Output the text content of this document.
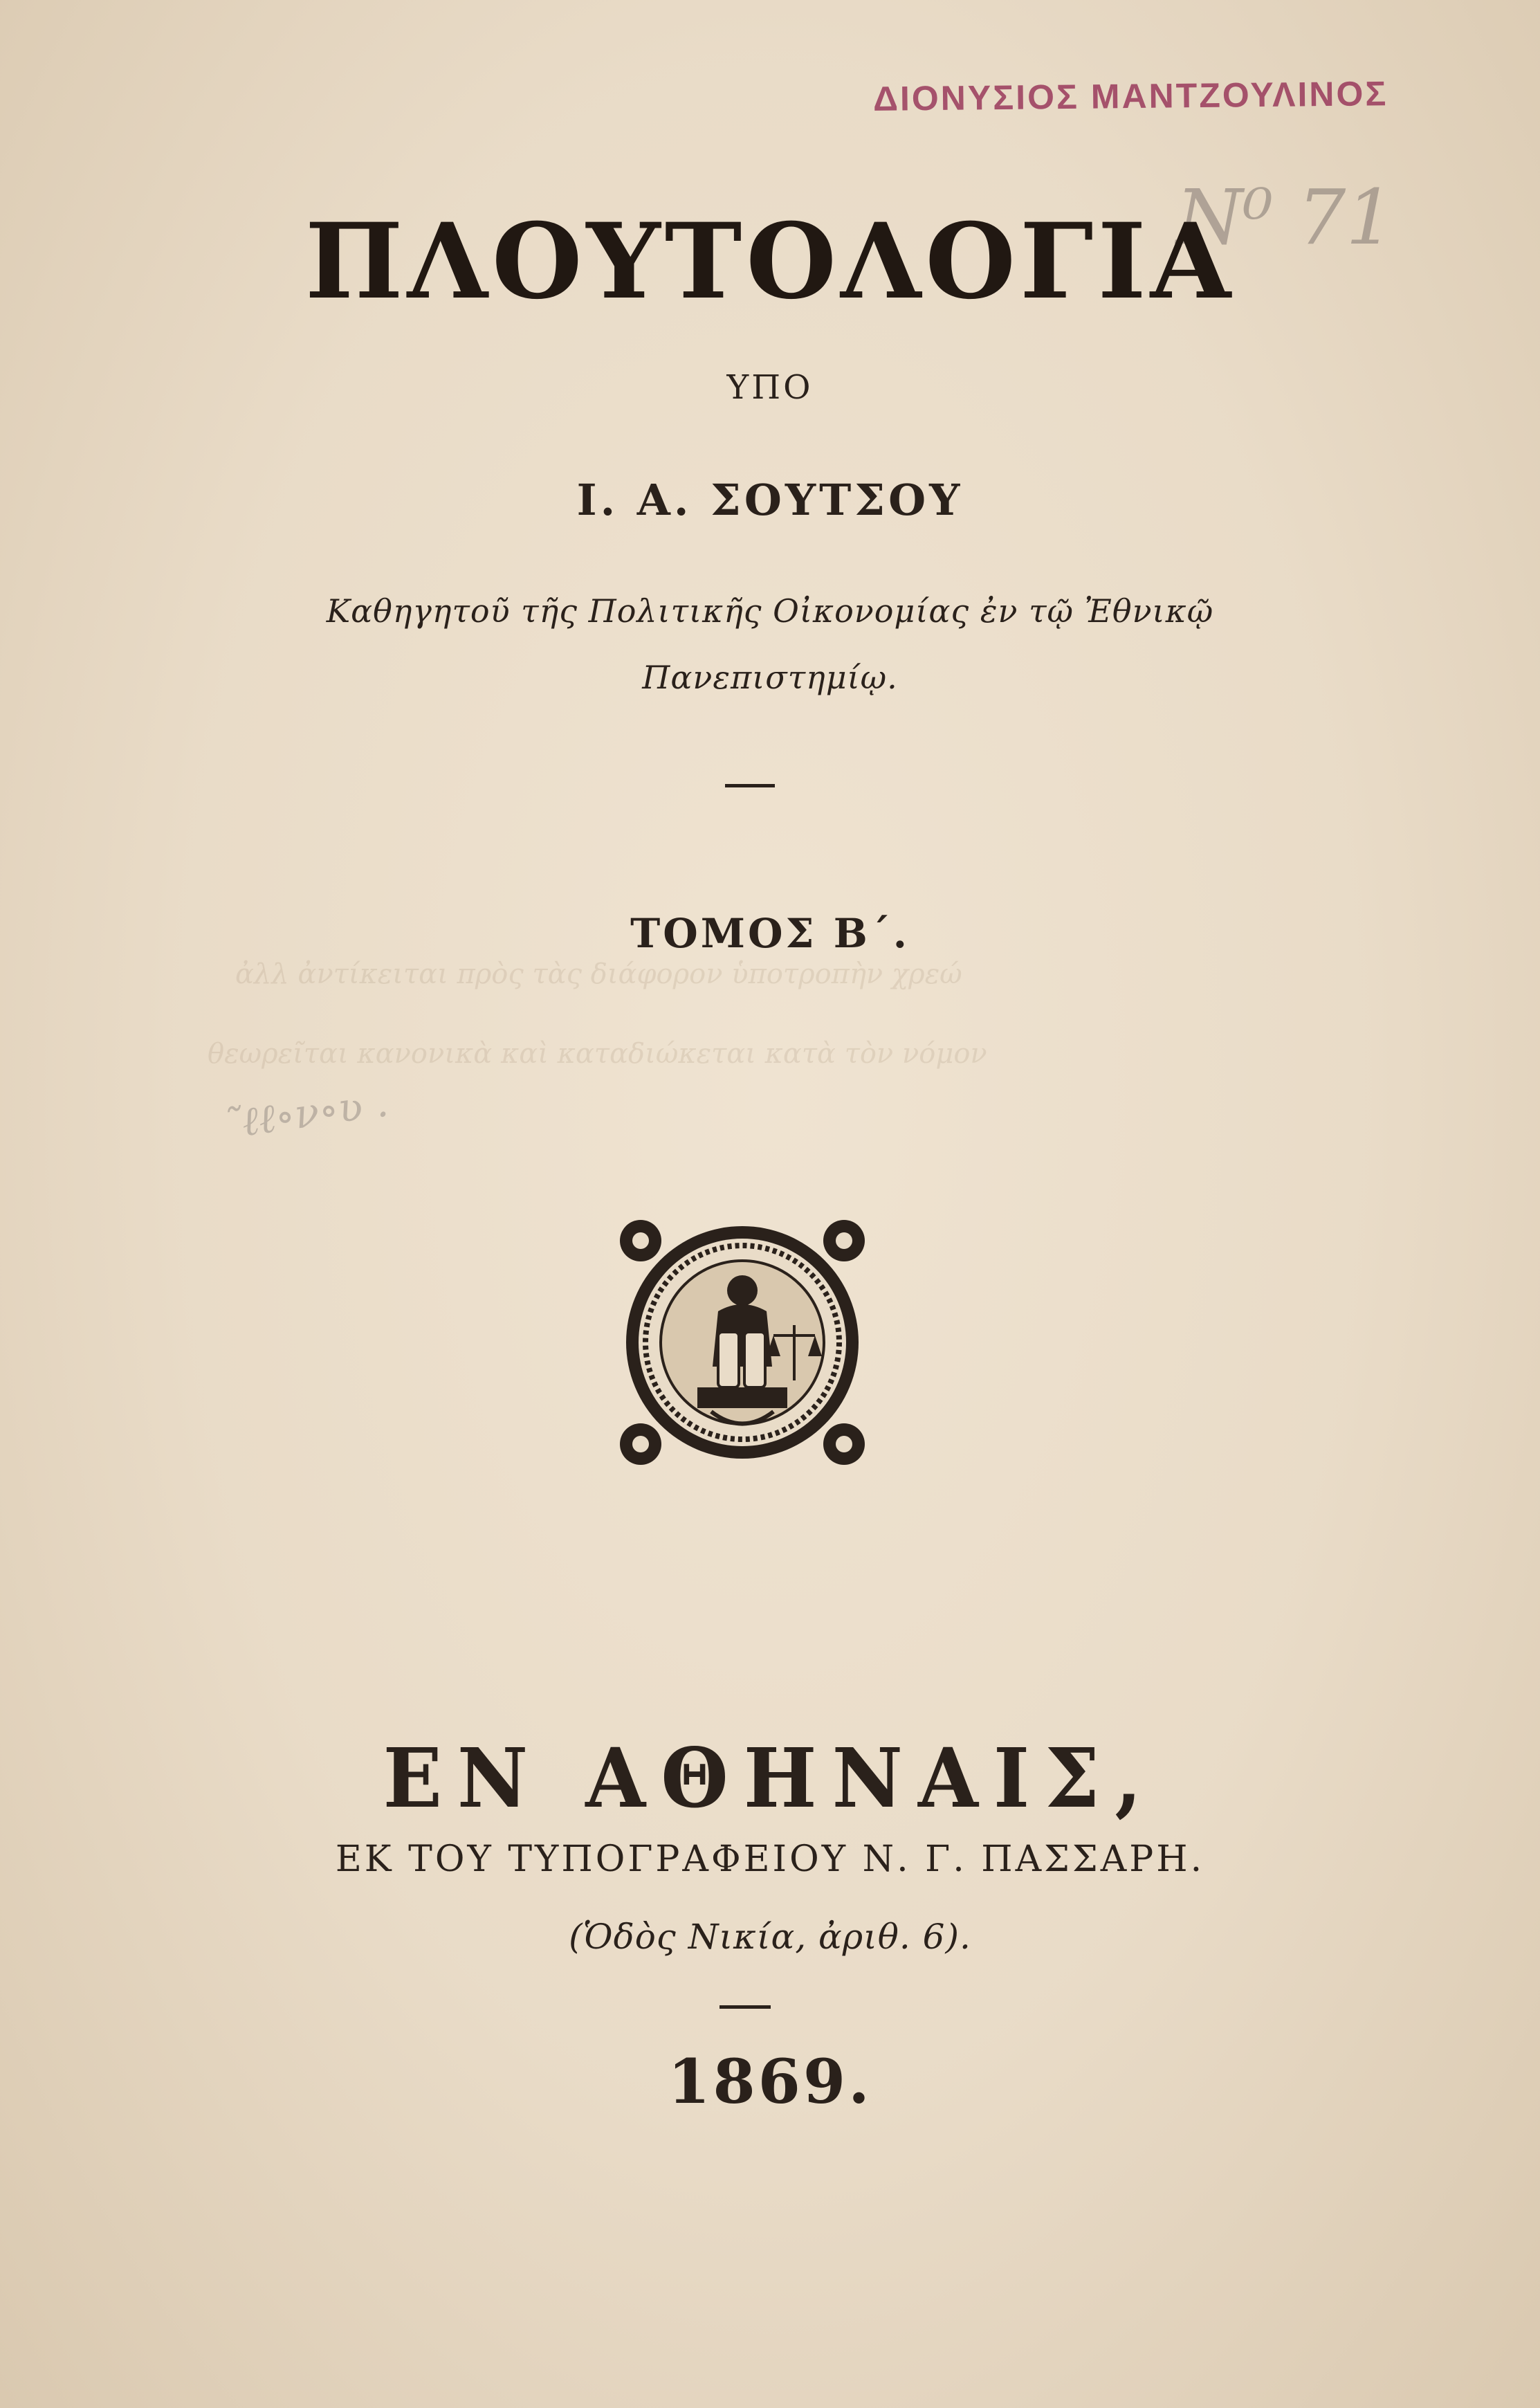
ἀλλ ἀντίκειται πρὸς τὰς διάφορον ὑποτροπὴν χρεώ
θεωρεῖται κανονικὰ καὶ καταδιώκεται κατὰ τὸν νόμον
ΔΙΟΝΥΣΙΟΣ ΜΑΝΤΖΟΥΛΙΝΟΣ
Ν⁰ 71
ΠΛΟΥΤΟΛΟΓΙΑ
ΥΠΟ
Ι. Α. ΣΟΥΤΣΟΥ
Καθηγητοῦ τῆς Πολιτικῆς Οἰκονομίας ἐν τῷ Ἐθνικῷ
Πανεπιστημίῳ.
ΤΟΜΟΣ Β΄.
˜ℓℓ∘ν∘ʋ .
ΕΝ ΑΘΗΝΑΙΣ,
ΕΚ ΤΟΥ ΤΥΠΟΓΡΑΦΕΙΟΥ Ν. Γ. ΠΑΣΣΑΡΗ.
(Ὁδὸς Νικία, ἀριθ. 6).
1869.
